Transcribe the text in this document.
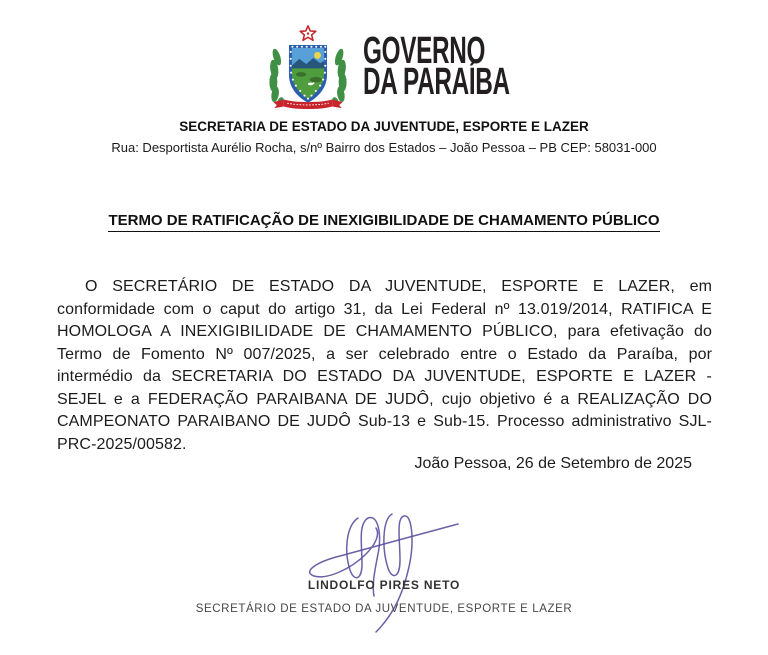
GOVERNO
DA PARAÍBA
SECRETARIA DE ESTADO DA JUVENTUDE, ESPORTE E LAZER
Rua: Desportista Aurélio Rocha, s/nº Bairro dos Estados – João Pessoa – PB CEP: 58031-000
TERMO DE RATIFICAÇÃO DE INEXIGIBILIDADE DE CHAMAMENTO PÚBLICO

O SECRETÁRIO DE ESTADO DA JUVENTUDE, ESPORTE E LAZER, em conformidade com o caput do artigo 31, da Lei Federal nº 13.019/2014, RATIFICA E HOMOLOGA A INEXIGIBILIDADE DE CHAMAMENTO PÚBLICO, para efetivação do Termo de Fomento Nº 007/2025, a ser celebrado entre o Estado da Paraíba, por intermédio da SECRETARIA DO ESTADO DA JUVENTUDE, ESPORTE E LAZER - SEJEL e a FEDERAÇÃO PARAIBANA DE JUDÔ, cujo objetivo é a REALIZAÇÃO DO CAMPEONATO PARAIBANO DE JUDÔ Sub-13 e Sub-15. Processo administrativo SJL-PRC-2025/00582.

João Pessoa, 26 de Setembro de 2025
LINDOLFO PIRES NETO
SECRETÁRIO DE ESTADO DA JUVENTUDE, ESPORTE E LAZER
